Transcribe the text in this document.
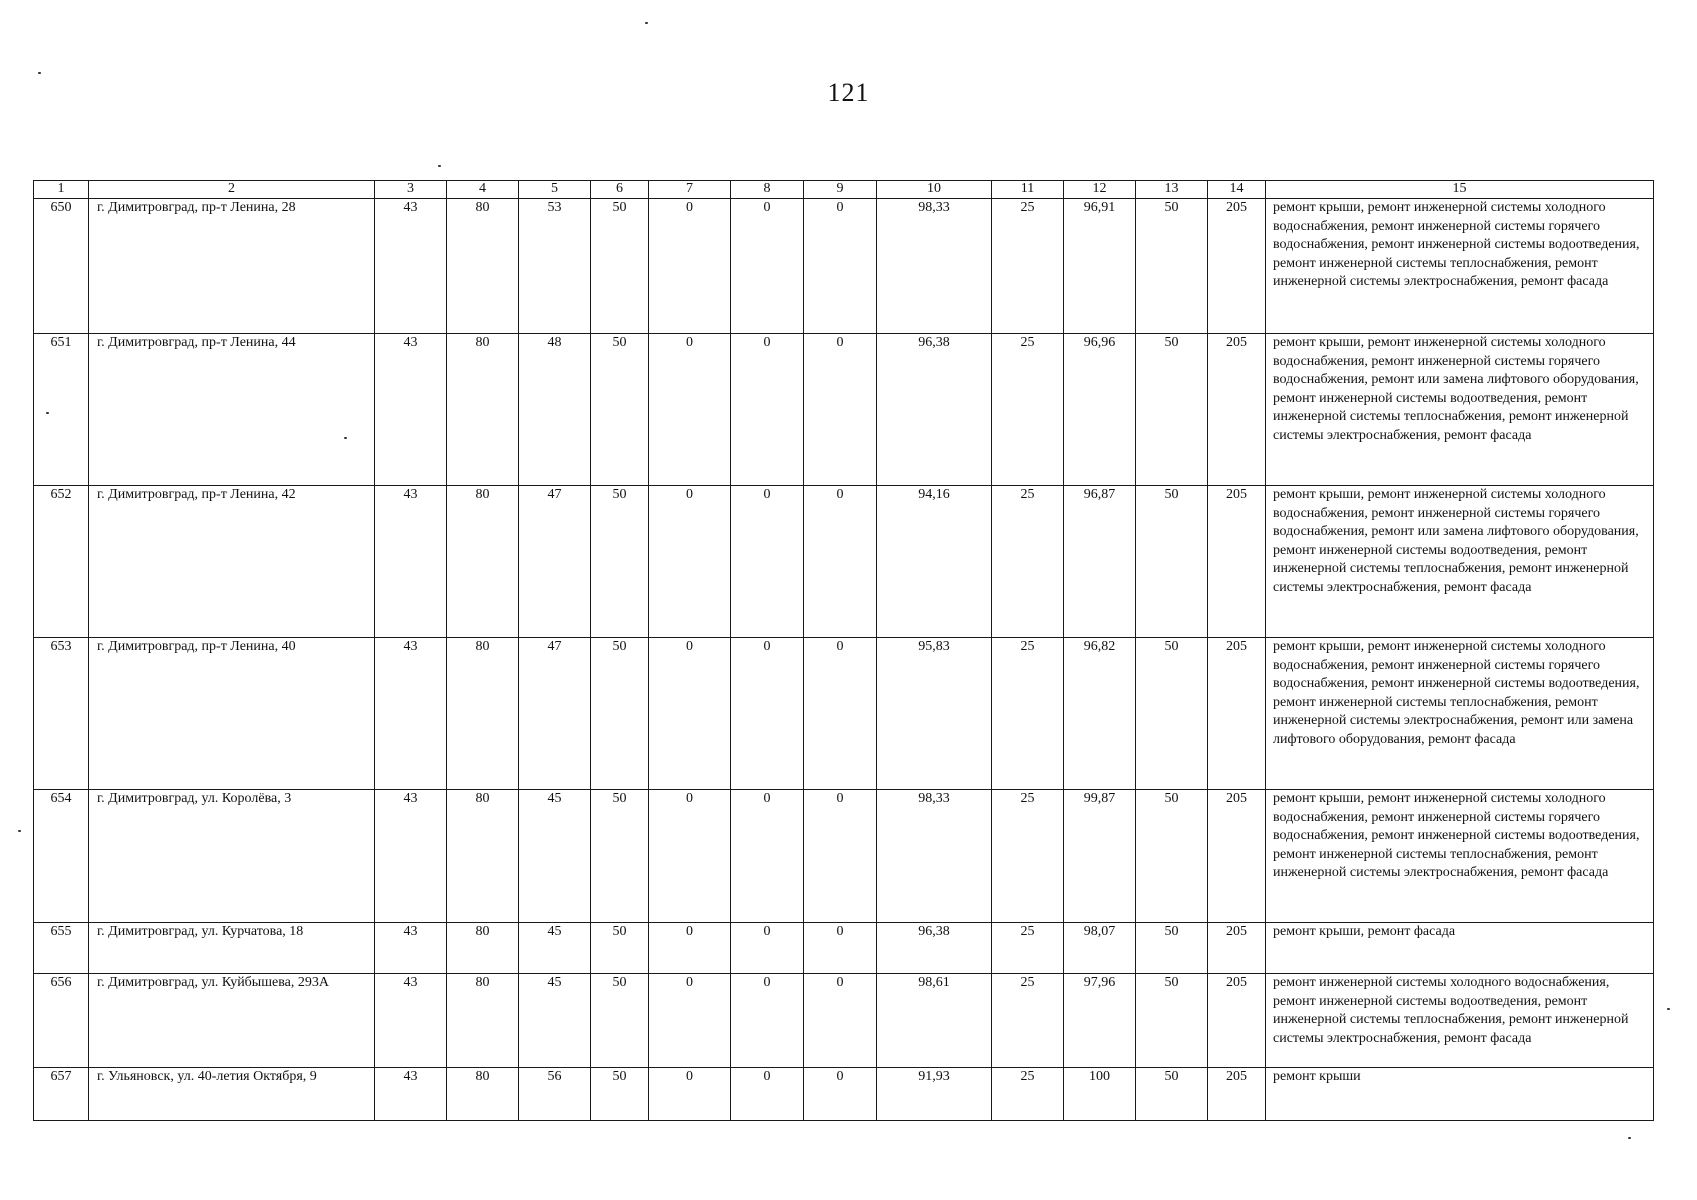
121
1	2	3	4	5	6	7	8	9	10	11	12	13	14	15
650	г. Димитровград, пр-т Ленина, 28	43	80	53	50	0	0	0	98,33	25	96,91	50	205	ремонт крыши, ремонт инженерной системы холодного водоснабжения, ремонт инженерной системы горячего водоснабжения, ремонт инженерной системы водоотведения, ремонт инженерной системы теплоснабжения, ремонт инженерной системы электроснабжения, ремонт фасада
651	г. Димитровград, пр-т Ленина, 44	43	80	48	50	0	0	0	96,38	25	96,96	50	205	ремонт крыши, ремонт инженерной системы холодного водоснабжения, ремонт инженерной системы горячего водоснабжения, ремонт или замена лифтового оборудования, ремонт инженерной системы водоотведения, ремонт инженерной системы теплоснабжения, ремонт инженерной системы электроснабжения, ремонт фасада
652	г. Димитровград, пр-т Ленина, 42	43	80	47	50	0	0	0	94,16	25	96,87	50	205	ремонт крыши, ремонт инженерной системы холодного водоснабжения, ремонт инженерной системы горячего водоснабжения, ремонт или замена лифтового оборудования, ремонт инженерной системы водоотведения, ремонт инженерной системы теплоснабжения, ремонт инженерной системы электроснабжения, ремонт фасада
653	г. Димитровград, пр-т Ленина, 40	43	80	47	50	0	0	0	95,83	25	96,82	50	205	ремонт крыши, ремонт инженерной системы холодного водоснабжения, ремонт инженерной системы горячего водоснабжения, ремонт инженерной системы водоотведения, ремонт инженерной системы теплоснабжения, ремонт инженерной системы электроснабжения, ремонт или замена лифтового оборудования, ремонт фасада
654	г. Димитровград, ул. Королёва, 3	43	80	45	50	0	0	0	98,33	25	99,87	50	205	ремонт крыши, ремонт инженерной системы холодного водоснабжения, ремонт инженерной системы горячего водоснабжения, ремонт инженерной системы водоотведения, ремонт инженерной системы теплоснабжения, ремонт инженерной системы электроснабжения, ремонт фасада
655	г. Димитровград, ул. Курчатова, 18	43	80	45	50	0	0	0	96,38	25	98,07	50	205	ремонт крыши, ремонт фасада
656	г. Димитровград, ул. Куйбышева, 293А	43	80	45	50	0	0	0	98,61	25	97,96	50	205	ремонт инженерной системы холодного водоснабжения, ремонт инженерной системы водоотведения, ремонт инженерной системы теплоснабжения, ремонт инженерной системы электроснабжения, ремонт фасада
657	г. Ульяновск, ул. 40-летия Октября, 9	43	80	56	50	0	0	0	91,93	25	100	50	205	ремонт крыши
